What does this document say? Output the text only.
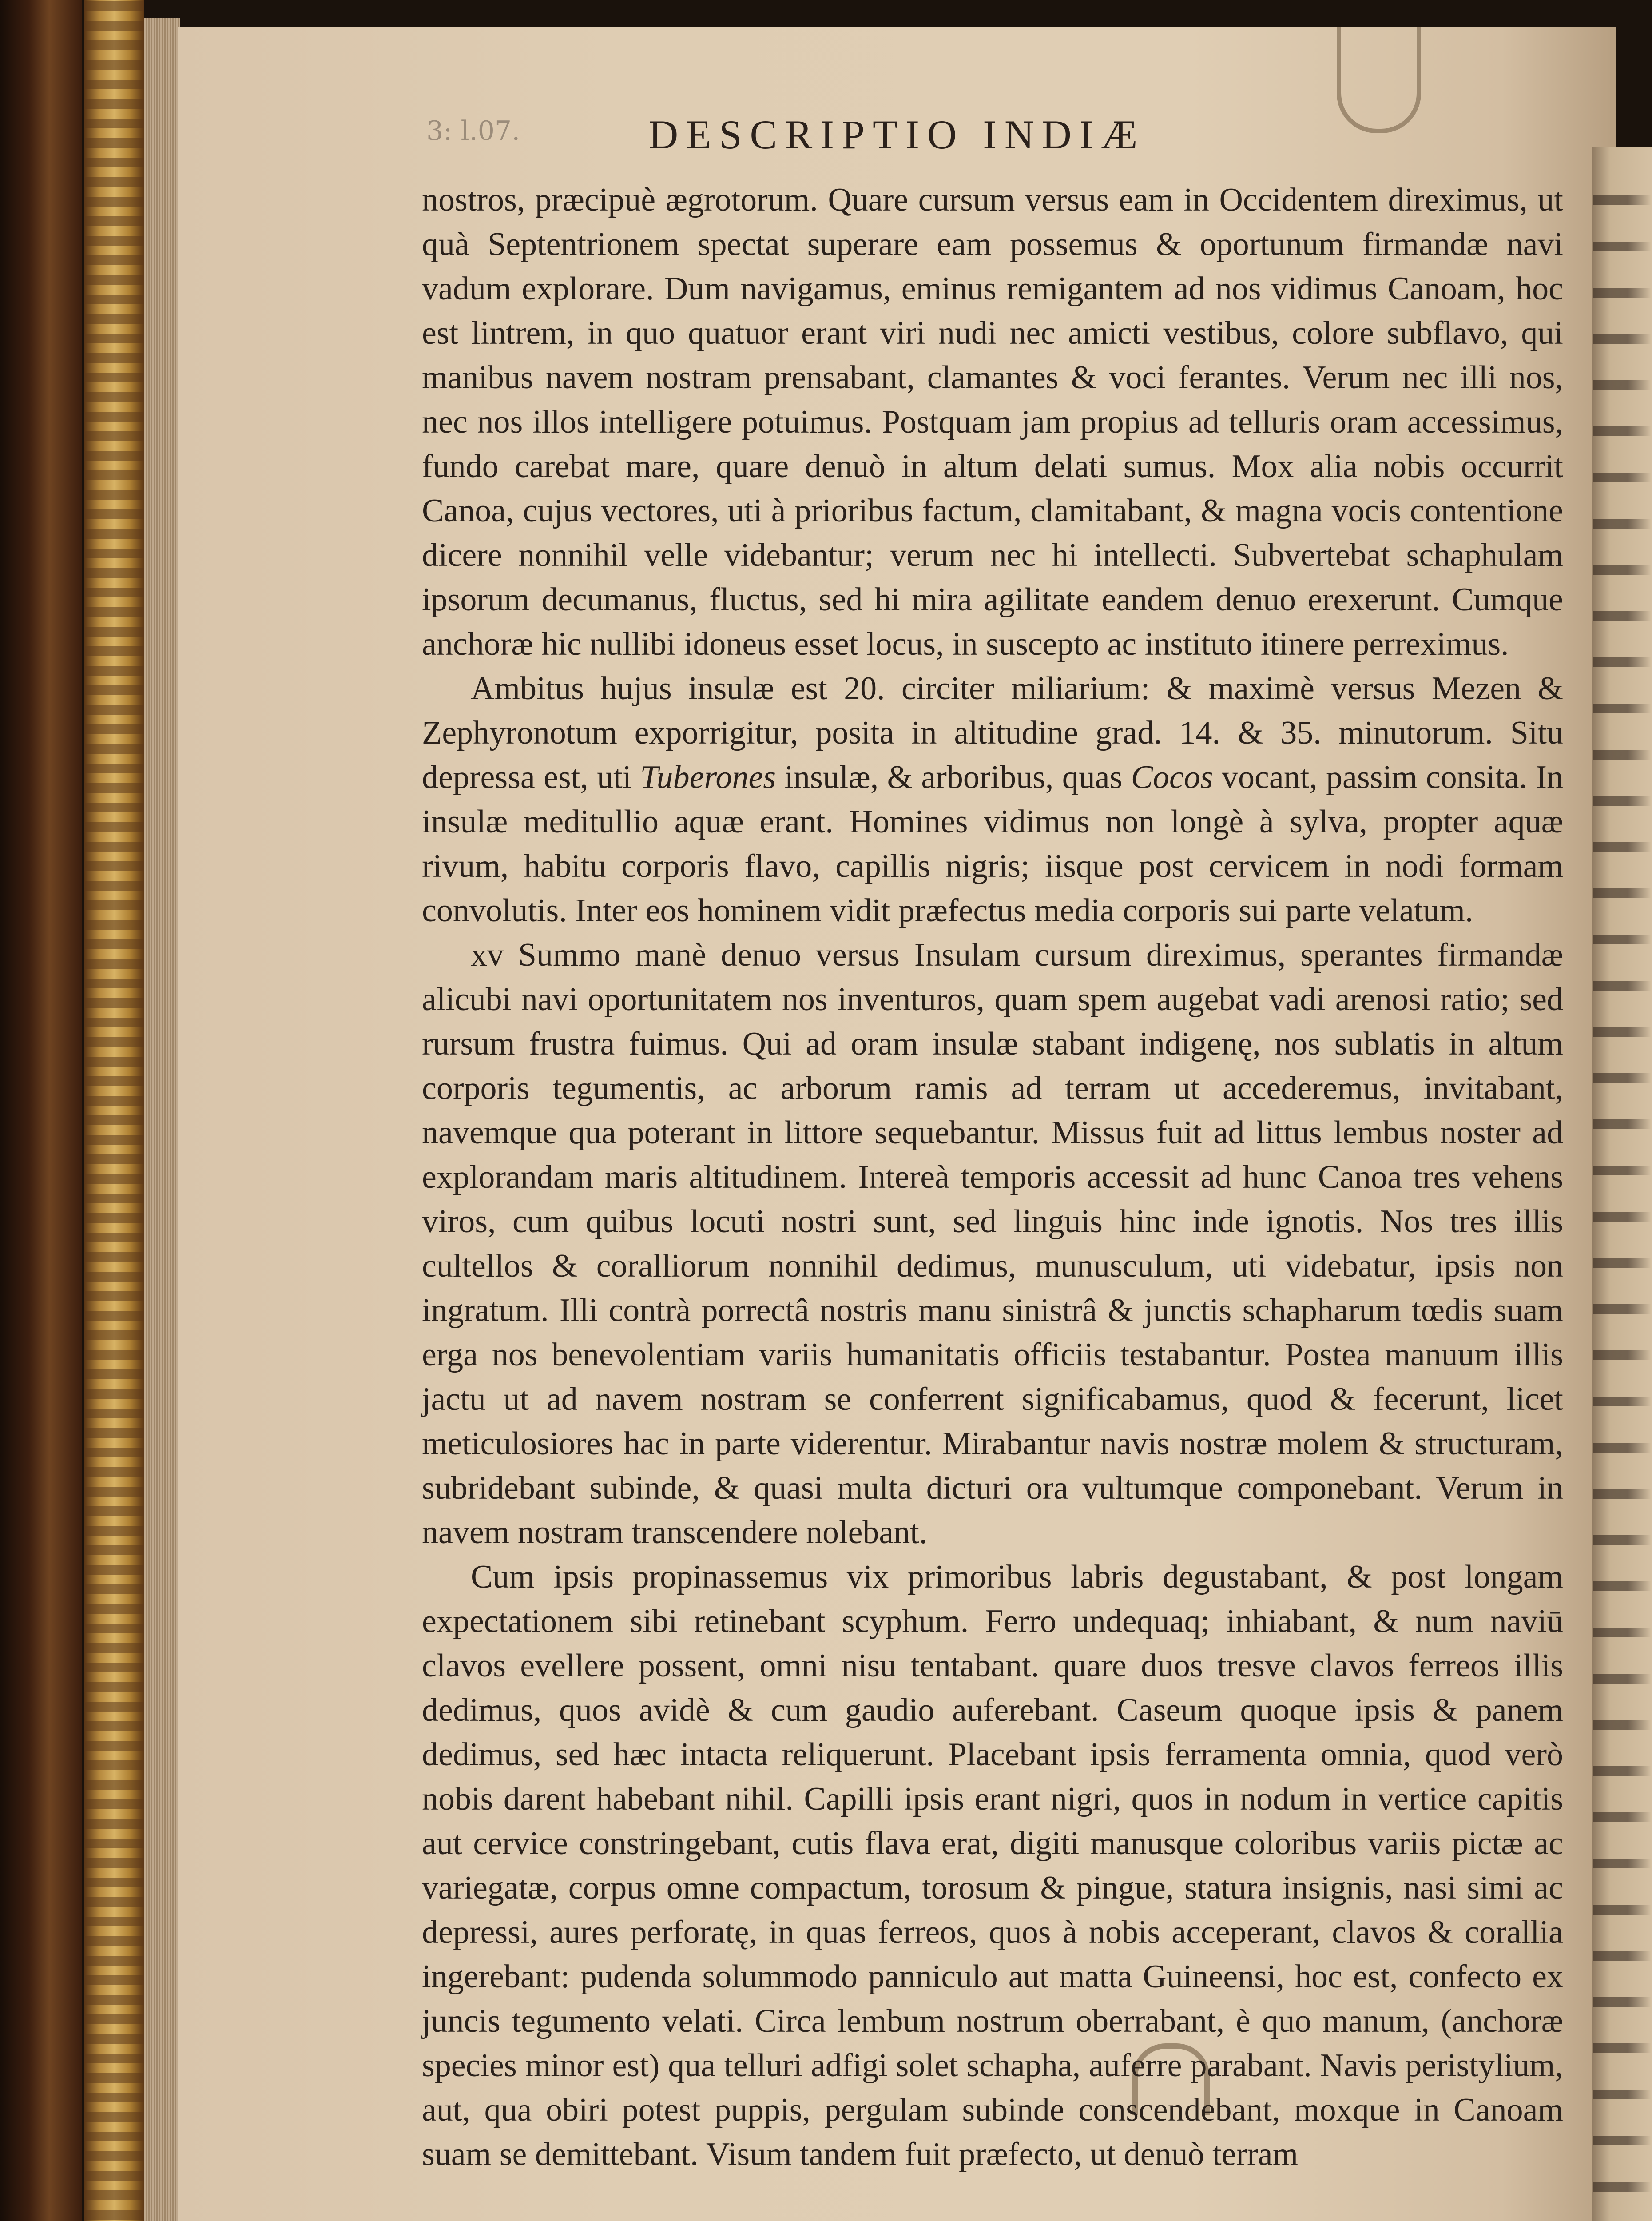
3: l.07.	DESCRIPTIO INDIÆ

nostros, præcipuè ægrotorum. Quare cursum versus eam in Occidentem direximus, ut quà Septentrionem spectat superare eam possemus & oportunum firmandæ navi vadum explorare. Dum navigamus, eminus remigantem ad nos vidimus Canoam, hoc est lintrem, in quo quatuor erant viri nudi nec amicti vestibus, colore subflavo, qui manibus navem nostram prensabant, clamantes & voci ferantes. Verum nec illi nos, nec nos illos intelligere potuimus. Postquam jam propius ad telluris oram accessimus, fundo carebat mare, quare denuò in altum delati sumus. Mox alia nobis occurrit Canoa, cujus vectores, uti à prioribus factum, clamitabant, & magna vocis contentione dicere nonnihil velle videbantur; verum nec hi intellecti. Subvertebat schaphulam ipsorum decumanus, fluctus, sed hi mira agilitate eandem denuo erexerunt. Cumque anchoræ hic nullibi idoneus esset locus, in suscepto ac instituto itinere perreximus.

Ambitus hujus insulæ est 20. circiter miliarium: & maximè versus Mezen & Zephyronotum exporrigitur, posita in altitudine grad. 14. & 35. minutorum. Situ depressa est, uti Tuberones insulæ, & arboribus, quas Cocos vocant, passim consita. In insulæ meditullio aquæ erant. Homines vidimus non longè à sylva, propter aquæ rivum, habitu corporis flavo, capillis nigris; iisque post cervicem in nodi formam convolutis. Inter eos hominem vidit præfectus media corporis sui parte velatum.

xv Summo manè denuo versus Insulam cursum direximus, sperantes firmandæ alicubi navi oportunitatem nos inventuros, quam spem augebat vadi arenosi ratio; sed rursum frustra fuimus. Qui ad oram insulæ stabant indigenę, nos sublatis in altum corporis tegumentis, ac arborum ramis ad terram ut accederemus, invitabant, navemque qua poterant in littore sequebantur. Missus fuit ad littus lembus noster ad explorandam maris altitudinem. Intereà temporis accessit ad hunc Canoa tres vehens viros, cum quibus locuti nostri sunt, sed linguis hinc inde ignotis. Nos tres illis cultellos & coralliorum nonnihil dedimus, munusculum, uti videbatur, ipsis non ingratum. Illi contrà porrectâ nostris manu sinistrâ & junctis schapharum tœdis suam erga nos benevolentiam variis humanitatis officiis testabantur. Postea manuum illis jactu ut ad navem nostram se conferrent significabamus, quod & fecerunt, licet meticulosiores hac in parte viderentur. Mirabantur navis nostræ molem & structuram, subridebant subinde, & quasi multa dicturi ora vultumque componebant. Verum in navem nostram transcendere nolebant.

Cum ipsis propinassemus vix primoribus labris degustabant, & post longam expectationem sibi retinebant scyphum. Ferro undequaq; inhiabant, & num naviū clavos evellere possent, omni nisu tentabant. quare duos tresve clavos ferreos illis dedimus, quos avidè & cum gaudio auferebant. Caseum quoque ipsis & panem dedimus, sed hæc intacta reliquerunt. Placebant ipsis ferramenta omnia, quod verò nobis darent habebant nihil. Capilli ipsis erant nigri, quos in nodum in vertice capitis aut cervice constringebant, cutis flava erat, digiti manusque coloribus variis pictæ ac variegatæ, corpus omne compactum, torosum & pingue, statura insignis, nasi simi ac depressi, aures perforatę, in quas ferreos, quos à nobis acceperant, clavos & corallia ingerebant: pudenda solummodo panniculo aut matta Guineensi, hoc est, confecto ex juncis tegumento velati. Circa lembum nostrum oberrabant, è quo manum, (anchoræ species minor est) qua telluri adfigi solet schapha, auferre parabant. Navis peristylium, aut, qua obiri potest puppis, pergulam subinde conscendebant, moxque in Canoam suam se demittebant. Visum tandem fuit præfecto, ut denuò terram
